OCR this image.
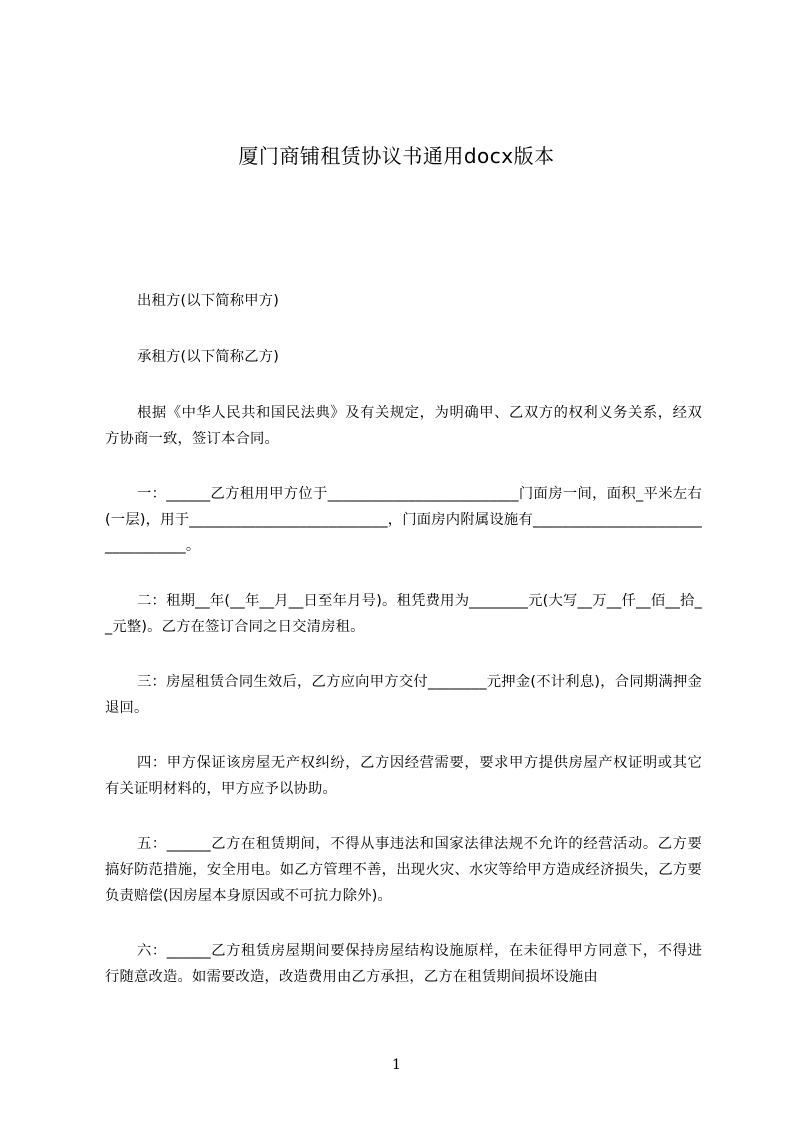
厦门商铺租赁协议书通用docx版本

出租方(以下简称甲方)

承租方(以下简称乙方)

根据《中华人民共和国民法典》及有关规定，为明确甲、乙双方的权利义务关系，经双方协商一致，签订本合同。

一：______乙方租用甲方位于__________________________门面房一间，面积_平米左右(一层)，用于___________________________，门面房内附属设施有__________________________________。

二：租期__年(__年__月__日至年月号)。租凭费用为________元(大写__万__仟__佰__拾__元整)。乙方在签订合同之日交清房租。

三：房屋租赁合同生效后，乙方应向甲方交付________元押金(不计利息)，合同期满押金退回。

四：甲方保证该房屋无产权纠纷，乙方因经营需要，要求甲方提供房屋产权证明或其它有关证明材料的，甲方应予以协助。

五：______乙方在租赁期间，不得从事违法和国家法律法规不允许的经营活动。乙方要搞好防范措施，安全用电。如乙方管理不善，出现火灾、水灾等给甲方造成经济损失，乙方要负责赔偿(因房屋本身原因或不可抗力除外)。

六：______乙方租赁房屋期间要保持房屋结构设施原样，在未征得甲方同意下，不得进行随意改造。如需要改造，改造费用由乙方承担，乙方在租赁期间损坏设施由

1
